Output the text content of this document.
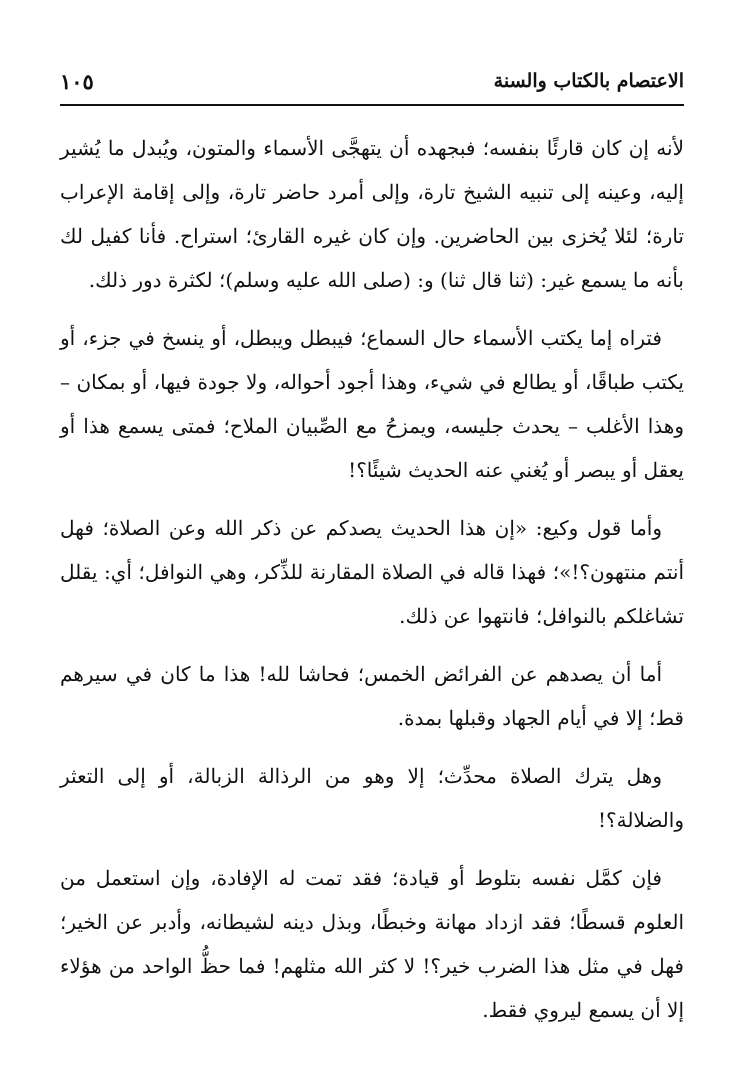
١٠٥	الاعتصام بالكتاب والسنة

لأنه إن كان قارئًا بنفسه؛ فبجهده أن يتهجَّى الأسماء والمتون، ويُبدل ما يُشير إليه، وعينه إلى تنبيه الشيخ تارة، وإلى أمرد حاضر تارة، وإلى إقامة الإعراب تارة؛ لئلا يُخزى بين الحاضرين. وإن كان غيره القارئ؛ استراح. فأنا كفيل لك بأنه ما يسمع غير: (ثنا قال ثنا) و: (صلى الله عليه وسلم)؛ لكثرة دور ذلك.

فتراه إما يكتب الأسماء حال السماع؛ فيبطل ويبطل، أو ينسخ في جزء، أو يكتب طباقًا، أو يطالع في شيء، وهذا أجود أحواله، ولا جودة فيها، أو بمكان – وهذا الأغلب – يحدث جليسه، ويمزحُ مع الصِّبيان الملاح؛ فمتى يسمع هذا أو يعقل أو يبصر أو يُغني عنه الحديث شيئًا؟!

وأما قول وكيع: «إن هذا الحديث يصدكم عن ذكر الله وعن الصلاة؛ فهل أنتم منتهون؟!»؛ فهذا قاله في الصلاة المقارنة للذِّكر، وهي النوافل؛ أي: يقلل تشاغلكم بالنوافل؛ فانتهوا عن ذلك.

أما أن يصدهم عن الفرائض الخمس؛ فحاشا لله! هذا ما كان في سيرهم قط؛ إلا في أيام الجهاد وقبلها بمدة.

وهل يترك الصلاة محدِّث؛ إلا وهو من الرذالة الزبالة، أو إلى التعثر والضلالة؟!

فإن كمَّل نفسه بتلوط أو قيادة؛ فقد تمت له الإفادة، وإن استعمل من العلوم قسطًا؛ فقد ازداد مهانة وخبطًا، وبذل دينه لشيطانه، وأدبر عن الخير؛ فهل في مثل هذا الضرب خير؟! لا كثر الله مثلهم! فما حظُّ الواحد من هؤلاء إلا أن يسمع ليروي فقط.
